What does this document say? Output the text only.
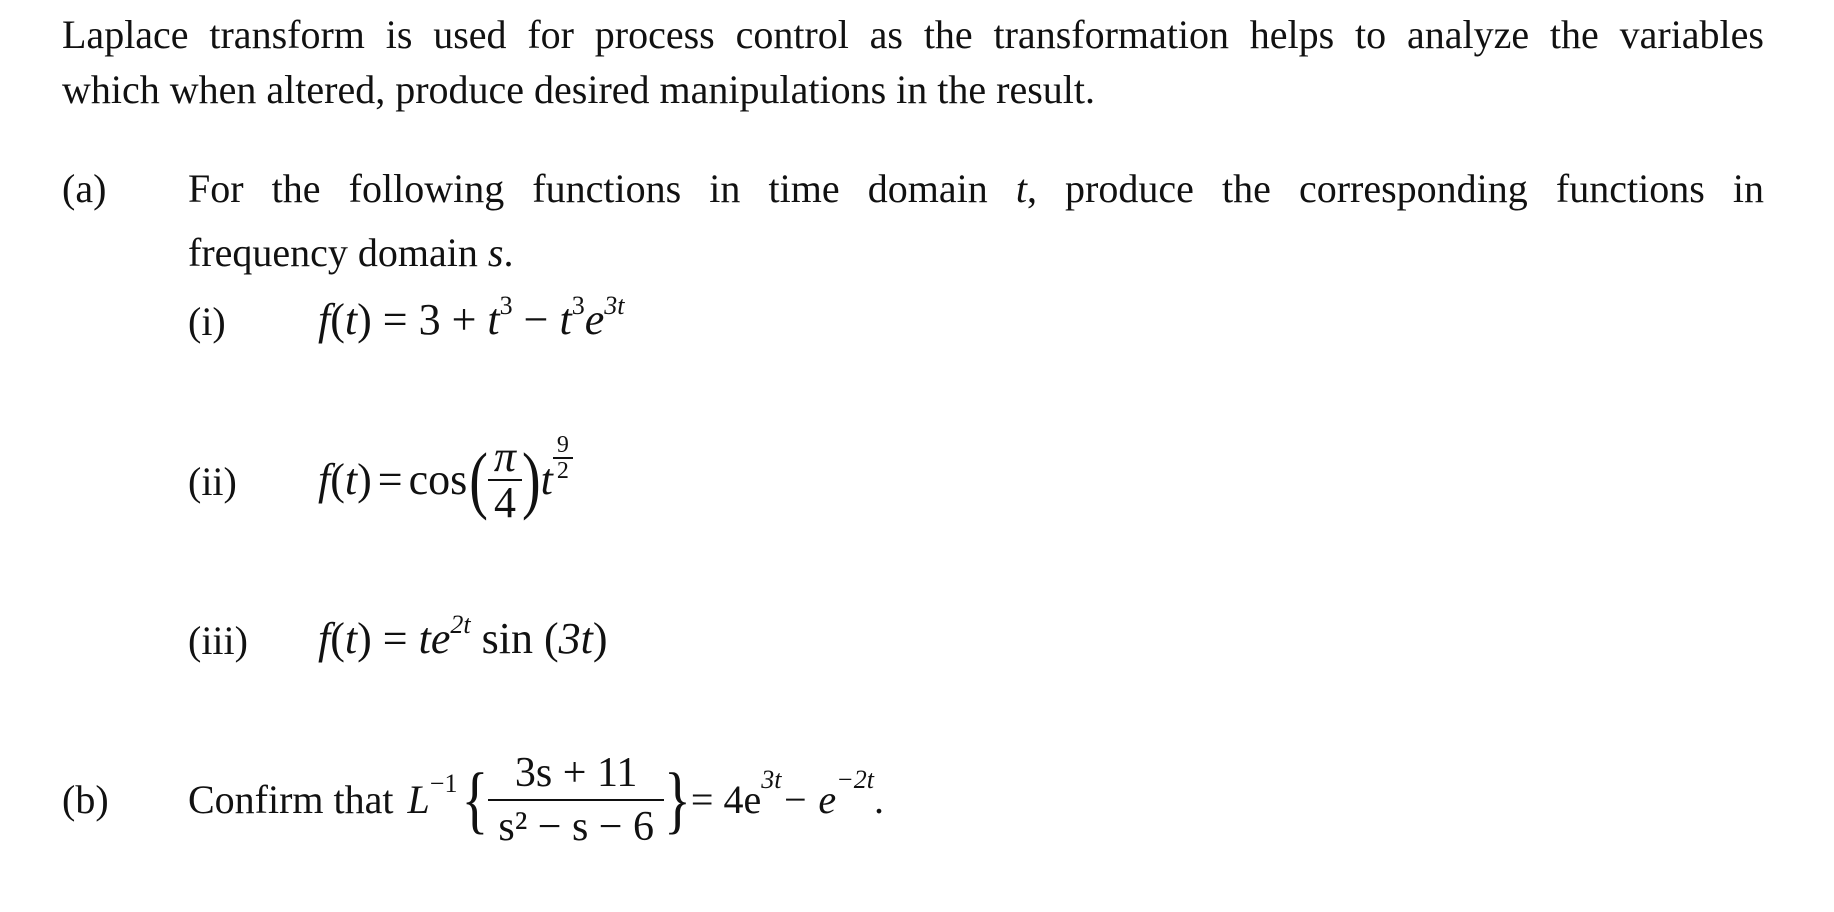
Laplace transform is used for process control as the transformation helps to analyze the variables
which when altered, produce desired manipulations in the result.
(a) For the following functions in time domain t, produce the corresponding functions in
frequency domain s.
(i) $f(t) = 3 + t^3 - t^3e^{3t}$
(ii) f ( t ) = cos ( $\frac{\pi}{4}$ ) t $\frac{9}{2}$
(iii) $f(t) = te^{2t}$ sin (3t)
(b) Confirm that L −1 { $\frac{3s + 11}{\text{s² − s − 6}}$ } = 4e 3t − e −2t .
